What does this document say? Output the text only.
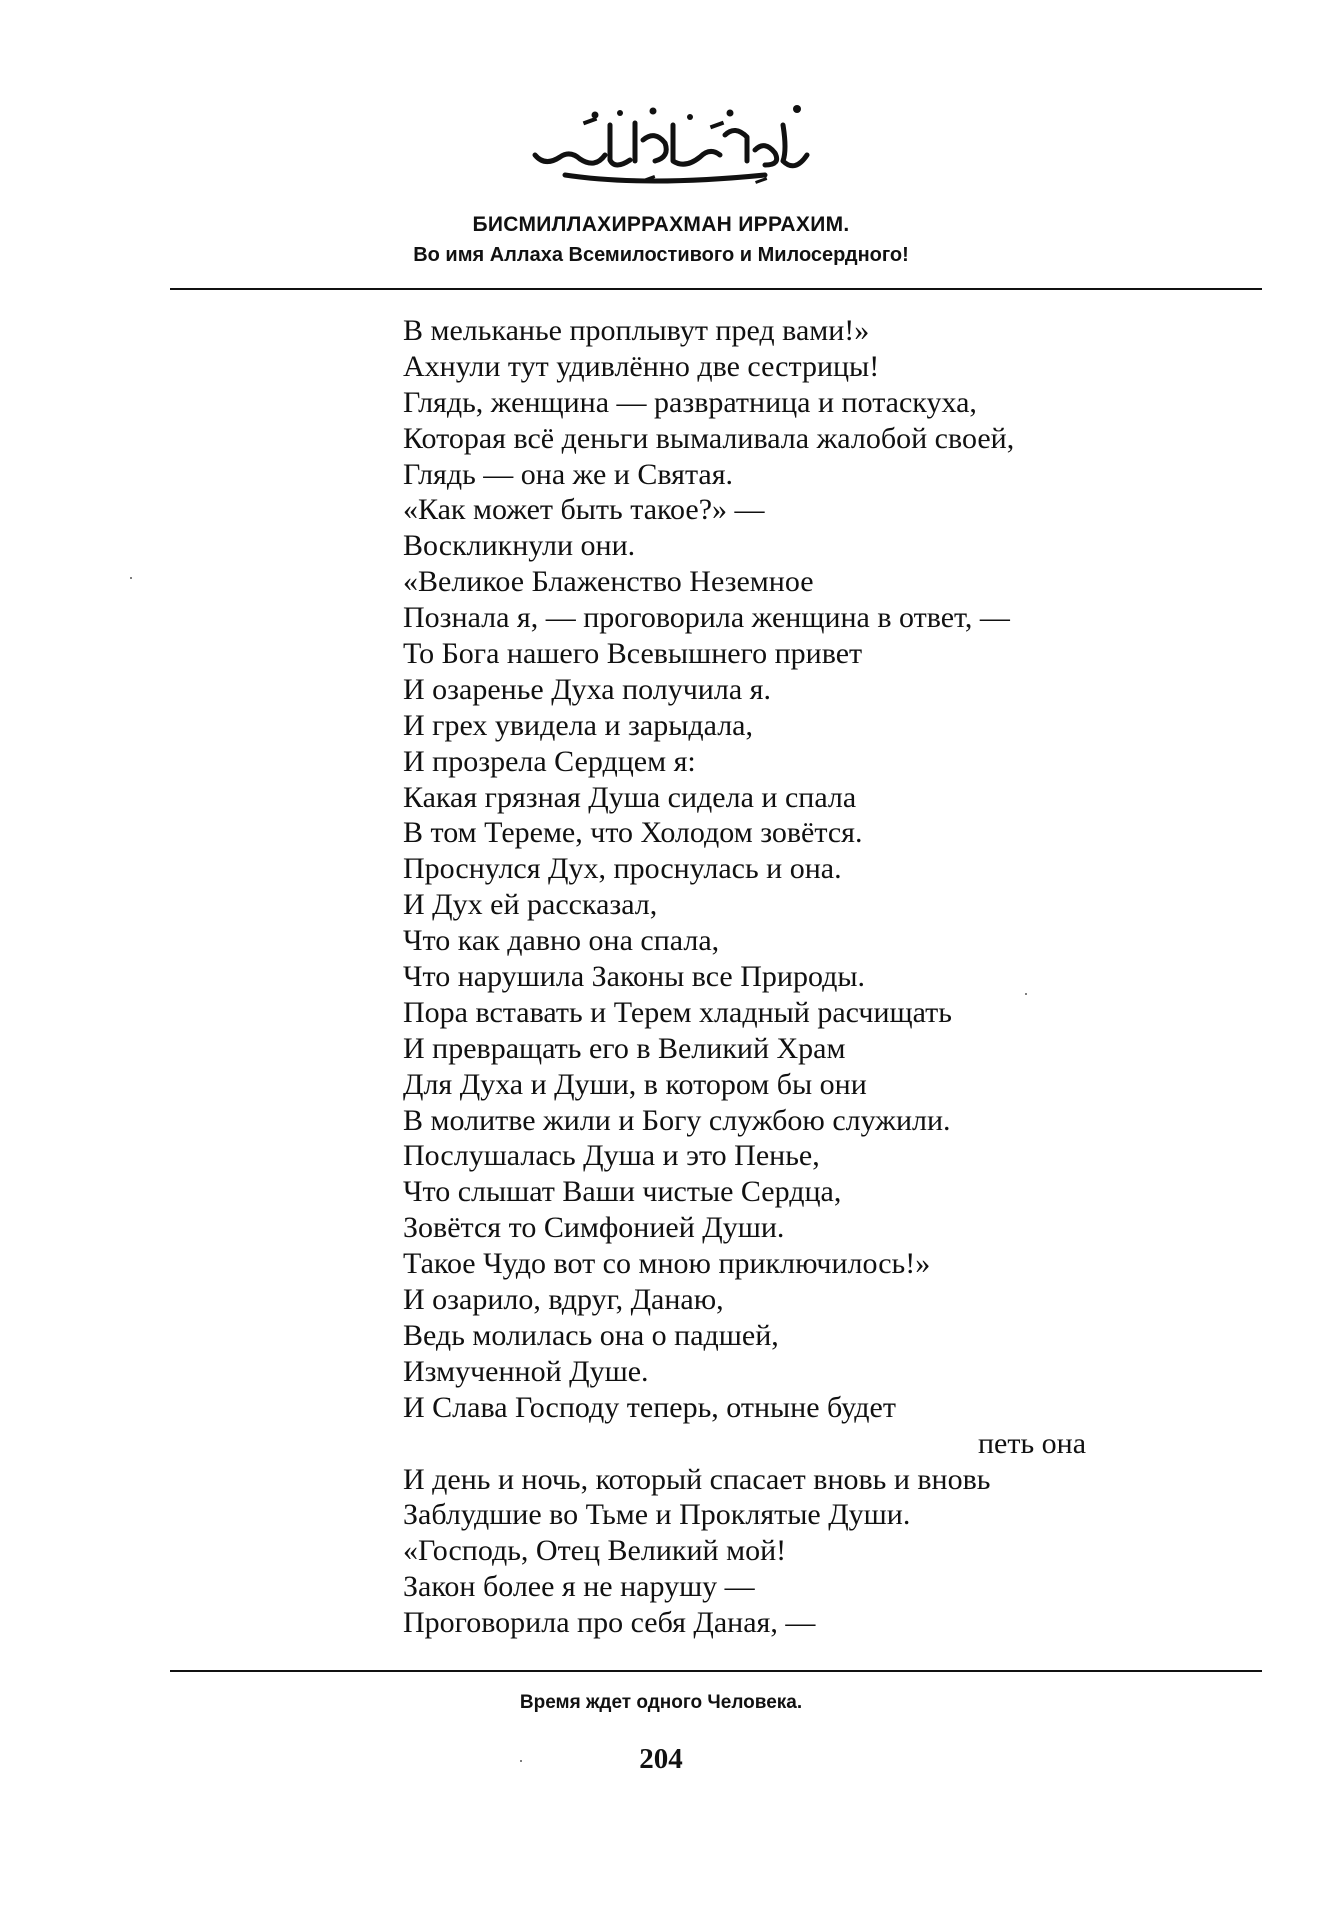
БИСМИЛЛАХИРРАХМАН ИРРАХИМ.
Во имя Аллаха Всемилостивого и Милосердного!
В мельканье проплывут пред вами!»
Ахнули тут удивлённо две сестрицы!
Глядь, женщина — развратница и потаскуха,
Которая всё деньги вымаливала жалобой своей,
Глядь — она же и Святая.
«Как может быть такое?» —
Воскликнули они.
«Великое Блаженство Неземное
Познала я, — проговорила женщина в ответ, —
То Бога нашего Всевышнего привет
И озаренье Духа получила я.
И грех увидела и зарыдала,
И прозрела Сердцем я:
Какая грязная Душа сидела и спала
В том Тереме, что Холодом зовётся.
Проснулся Дух, проснулась и она.
И Дух ей рассказал,
Что как давно она спала,
Что нарушила Законы все Природы.
Пора вставать и Терем хладный расчищать
И превращать его в Великий Храм
Для Духа и Души, в котором бы они
В молитве жили и Богу службою служили.
Послушалась Душа и это Пенье,
Что слышат Ваши чистые Сердца,
Зовётся то Симфонией Души.
Такое Чудо вот со мною приключилось!»
И озарило, вдруг, Данаю,
Ведь молилась она о падшей,
Измученной Душе.
И Слава Господу теперь, отныне будет
петь она
И день и ночь, который спасает вновь и вновь
Заблудшие во Тьме и Проклятые Души.
«Господь, Отец Великий мой!
Закон более я не нарушу —
Проговорила про себя Даная, —
Время ждет одного Человека.
204
